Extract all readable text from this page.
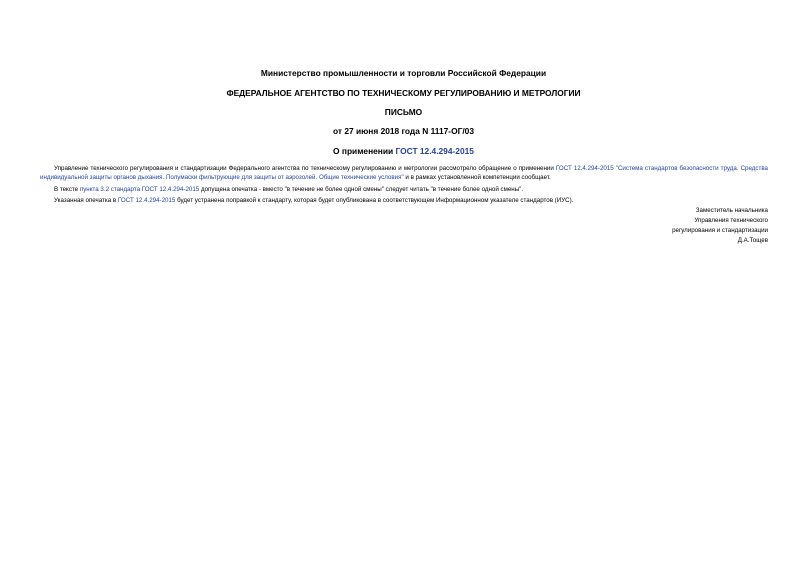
Министерство промышленности и торговли Российской Федерации
ФЕДЕРАЛЬНОЕ АГЕНТСТВО ПО ТЕХНИЧЕСКОМУ РЕГУЛИРОВАНИЮ И МЕТРОЛОГИИ
ПИСЬМО
от 27 июня 2018 года N 1117-ОГ/03
О применении ГОСТ 12.4.294-2015

Управление технического регулирования и стандартизации Федерального агентства по техническому регулированию и метрологии рассмотрело обращение о применении ГОСТ 12.4.294-2015 "Система стандартов безопасности труда. Средства индивидуальной защиты органов дыхания. Полумаски фильтрующие для защиты от аэрозолей. Общие технические условия" и в рамках установленной компетенции сообщает.

В тексте пункта 3.2 стандарта ГОСТ 12.4.294-2015 допущена опечатка - вместо "в течение не более одной смены" следует читать "в течение более одной смены".

Указанная опечатка в ГОСТ 12.4.294-2015 будет устранена поправкой к стандарту, которая будет опубликована в соответствующем Информационном указателе стандартов (ИУС).

Заместитель начальника
Управления технического
регулирования и стандартизации
Д.А.Тощев
